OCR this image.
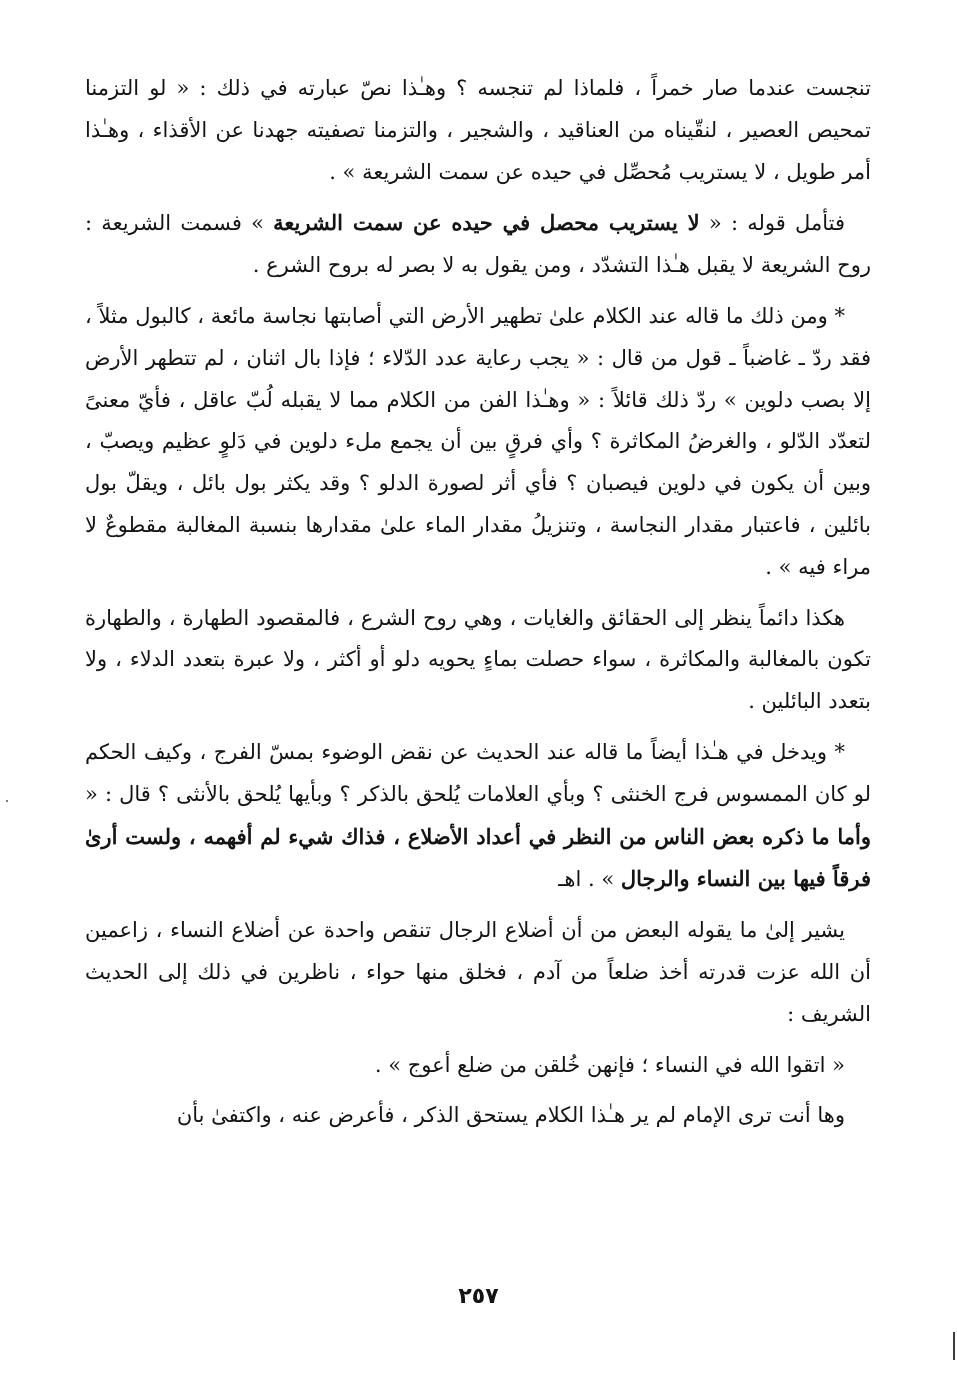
تنجست عندما صار خمراً ، فلماذا لم تنجسه ؟ وهـٰذا نصّ عبارته في ذلك : « لو التزمنا تمحيص العصير ، لنقّيناه من العناقيد ، والشجير ، والتزمنا تصفيته جهدنا عن الأقذاء ، وهـٰذا أمر طويل ، لا يستريب مُحصِّل في حيده عن سمت الشريعة » .

فتأمل قوله : « لا يستريب محصل في حيده عن سمت الشريعة » فسمت الشريعة : روح الشريعة لا يقبل هـٰذا التشدّد ، ومن يقول به لا بصر له بروح الشرع .

* ومن ذلك ما قاله عند الكلام علىٰ تطهير الأرض التي أصابتها نجاسة مائعة ، كالبول مثلاً ، فقد ردّ ـ غاضباً ـ قول من قال : « يجب رعاية عدد الدّلاء ؛ فإذا بال اثنان ، لم تتطهر الأرض إلا بصب دلوين » ردّ ذلك قائلاً : « وهـٰذا الفن من الكلام مما لا يقبله لُبّ عاقل ، فأيّ معنىً لتعدّد الدّلو ، والغرضُ المكاثرة ؟ وأي فرقٍ بين أن يجمع ملء دلوين في دَلوٍ عظيم ويصبّ ، وبين أن يكون في دلوين فيصبان ؟ فأي أثر لصورة الدلو ؟ وقد يكثر بول بائل ، ويقلّ بول بائلين ، فاعتبار مقدار النجاسة ، وتنزيلُ مقدار الماء علىٰ مقدارها بنسبة المغالبة مقطوعٌ لا مراء فيه » .

هكذا دائماً ينظر إلى الحقائق والغايات ، وهي روح الشرع ، فالمقصود الطهارة ، والطهارة تكون بالمغالبة والمكاثرة ، سواء حصلت بماءٍ يحويه دلو أو أكثر ، ولا عبرة بتعدد الدلاء ، ولا بتعدد البائلين .

* ويدخل في هـٰذا أيضاً ما قاله عند الحديث عن نقض الوضوء بمسّ الفرج ، وكيف الحكم لو كان الممسوس فرج الخنثى ؟ وبأي العلامات يُلحق بالذكر ؟ وبأيها يُلحق بالأنثى ؟ قال : « وأما ما ذكره بعض الناس من النظر في أعداد الأضلاع ، فذاك شيء لم أفهمه ، ولست أرىٰ فرقاً فيها بين النساء والرجال » . اهـ

يشير إلىٰ ما يقوله البعض من أن أضلاع الرجال تنقص واحدة عن أضلاع النساء ، زاعمين أن الله عزت قدرته أخذ ضلعاً من آدم ، فخلق منها حواء ، ناظرين في ذلك إلى الحديث الشريف :

« اتقوا الله في النساء ؛ فإنهن خُلقن من ضلع أعوج » .

وها أنت ترى الإمام لم ير هـٰذا الكلام يستحق الذكر ، فأعرض عنه ، واكتفىٰ بأن

٢٥٧
